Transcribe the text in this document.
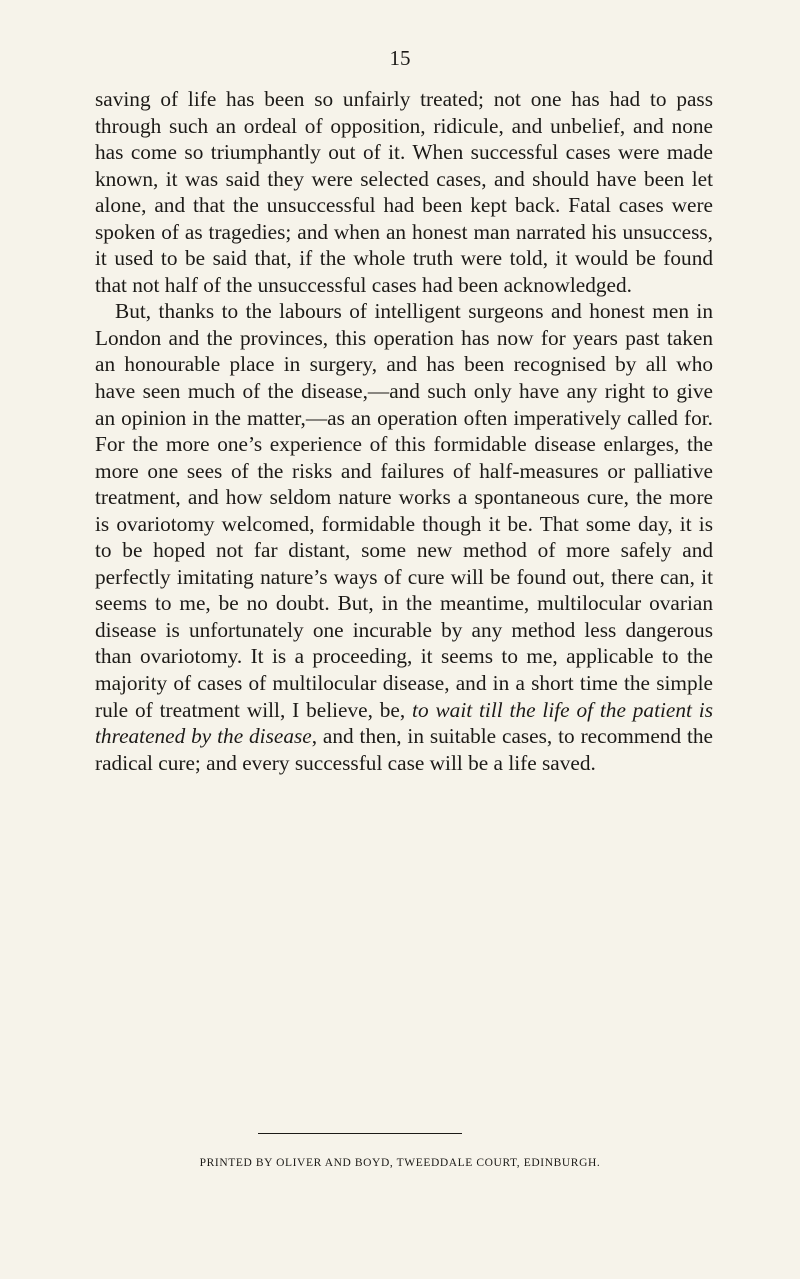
15

saving of life has been so unfairly treated; not one has had to pass through such an ordeal of opposition, ridicule, and unbelief, and none has come so triumphantly out of it. When successful cases were made known, it was said they were selected cases, and should have been let alone, and that the unsuccessful had been kept back. Fatal cases were spoken of as tragedies; and when an honest man narrated his unsuccess, it used to be said that, if the whole truth were told, it would be found that not half of the unsuccessful cases had been acknowledged.

But, thanks to the labours of intelligent surgeons and honest men in London and the provinces, this operation has now for years past taken an honourable place in surgery, and has been recognised by all who have seen much of the disease,—and such only have any right to give an opinion in the matter,—as an operation often imperatively called for. For the more one’s experience of this formidable disease enlarges, the more one sees of the risks and failures of half-measures or palliative treatment, and how seldom nature works a spontaneous cure, the more is ovariotomy welcomed, formidable though it be. That some day, it is to be hoped not far distant, some new method of more safely and perfectly imitating nature’s ways of cure will be found out, there can, it seems to me, be no doubt. But, in the meantime, multilocular ovarian disease is unfortunately one incurable by any method less dangerous than ovariotomy. It is a proceeding, it seems to me, applicable to the majority of cases of multilocular disease, and in a short time the simple rule of treatment will, I believe, be, to wait till the life of the patient is threatened by the disease, and then, in suitable cases, to recommend the radical cure; and every successful case will be a life saved.

PRINTED BY OLIVER AND BOYD, TWEEDDALE COURT, EDINBURGH.
